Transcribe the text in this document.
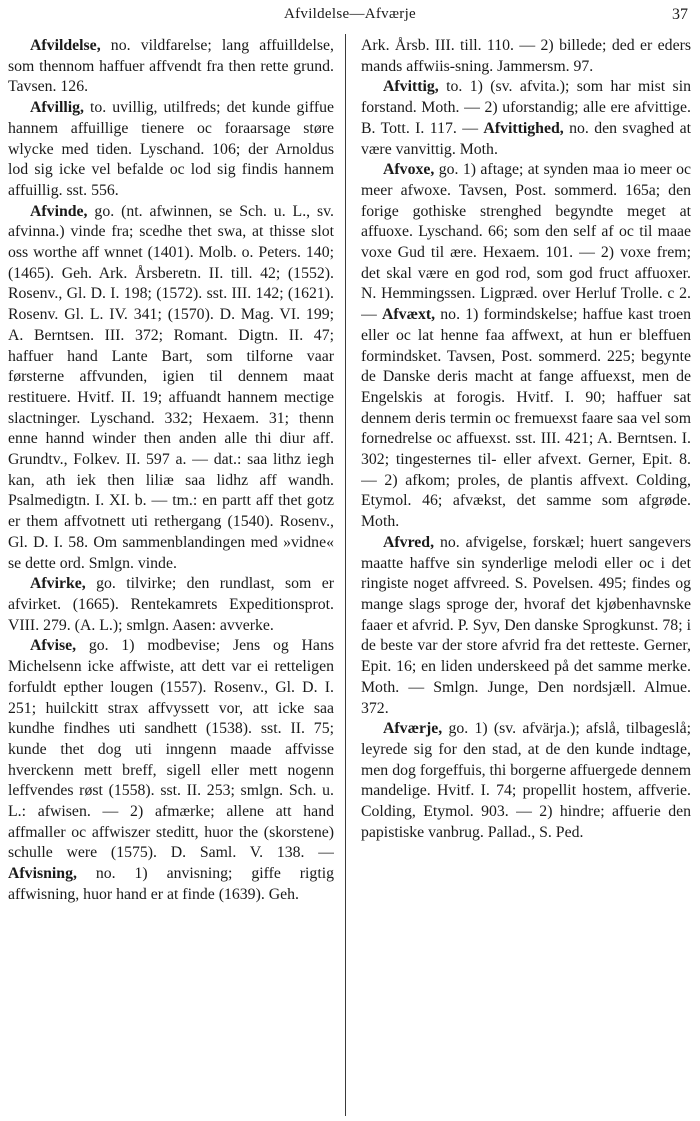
Afvildelse—Afværje	37

Afvildelse, no. vildfarelse; lang affuilldelse, som thennom haffuer affvendt fra then rette grund. Tavsen. 126.

Afvillig, to. uvillig, utilfreds; det kunde giffue hannem affuillige tienere oc foraarsage støre wlycke med tiden. Lyschand. 106; der Arnoldus lod sig icke vel befalde oc lod sig findis hannem affuillig. sst. 556.

Afvinde, go. (nt. afwinnen, se Sch. u. L., sv. afvinna.) vinde fra; scedhe thet swa, at thisse slot oss worthe aff wnnet (1401). Molb. o. Peters. 140; (1465). Geh. Ark. Årsberetn. II. till. 42; (1552). Rosenv., Gl. D. I. 198; (1572). sst. III. 142; (1621). Rosenv. Gl. L. IV. 341; (1570). D. Mag. VI. 199; A. Berntsen. III. 372; Romant. Digtn. II. 47; haffuer hand Lante Bart, som tilforne vaar førsterne affvunden, igien til dennem maat restituere. Hvitf. II. 19; affuandt hannem mectige slactninger. Lyschand. 332; Hexaem. 31; thenn enne hannd winder then anden alle thi diur aff. Grundtv., Folkev. II. 597 a. — dat.: saa lithz iegh kan, ath iek then liliæ saa lidhz aff wandh. Psalmedigtn. I. XI. b. — tm.: en partt aff thet gotz er them affvotnett uti rethergang (1540). Rosenv., Gl. D. I. 58. Om sammenblandingen med »vidne« se dette ord. Smlgn. vinde.

Afvirke, go. tilvirke; den rundlast, som er afvirket. (1665). Rentekamrets Expeditionsprot. VIII. 279. (A. L.); smlgn. Aasen: avverke.

Afvise, go. 1) modbevise; Jens og Hans Michelsenn icke affwiste, att dett var ei retteligen forfuldt epther lougen (1557). Rosenv., Gl. D. I. 251; huilckitt strax affvyssett vor, att icke saa kundhe findhes uti sandhett (1538). sst. II. 75; kunde thet dog uti inngenn maade affvisse hverckenn mett breff, sigell eller mett nogenn leffvendes røst (1558). sst. II. 253; smlgn. Sch. u. L.: afwisen. — 2) afmærke; allene att hand affmaller oc affwiszer steditt, huor the (skorstene) schulle were (1575). D. Saml. V. 138. — Afvisning, no. 1) anvisning; giffe rigtig affwisning, huor hand er at finde (1639). Geh.

Ark. Årsb. III. till. 110. — 2) billede; ded er eders mands affwiis-sning. Jammersm. 97.

Afvittig, to. 1) (sv. afvita.); som har mist sin forstand. Moth. — 2) uforstandig; alle ere afvittige. B. Tott. I. 117. — Afvittighed, no. den svaghed at være vanvittig. Moth.

Afvoxe, go. 1) aftage; at synden maa io meer oc meer afwoxe. Tavsen, Post. sommerd. 165a; den forige gothiske strenghed begyndte meget at affuoxe. Lyschand. 66; som den self af oc til maae voxe Gud til ære. Hexaem. 101. — 2) voxe frem; det skal være en god rod, som god fruct affuoxer. N. Hemmingssen. Ligpræd. over Herluf Trolle. c 2. — Afvæxt, no. 1) formindskelse; haffue kast troen eller oc lat henne faa affwext, at hun er bleffuen formindsket. Tavsen, Post. sommerd. 225; begynte de Danske deris macht at fange affuexst, men de Engelskis at forogis. Hvitf. I. 90; haffuer sat dennem deris termin oc fremuexst faare saa vel som fornedrelse oc affuexst. sst. III. 421; A. Berntsen. I. 302; tingesternes til- eller afvext. Gerner, Epit. 8. — 2) afkom; proles, de plantis affvext. Colding, Etymol. 46; afvækst, det samme som afgrøde. Moth.

Afvred, no. afvigelse, forskæl; huert sangevers maatte haffve sin synderlige melodi eller oc i det ringiste noget affvreed. S. Povelsen. 495; findes og mange slags sproge der, hvoraf det kjøbenhavnske faaer et afvrid. P. Syv, Den danske Sprogkunst. 78; i de beste var der store afvrid fra det retteste. Gerner, Epit. 16; en liden underskeed på det samme merke. Moth. — Smlgn. Junge, Den nordsjæll. Almue. 372.

Afværje, go. 1) (sv. afvärja.); afslå, tilbageslå; leyrede sig for den stad, at de den kunde indtage, men dog forgeffuis, thi borgerne affuergede dennem mandelige. Hvitf. I. 74; propellit hostem, affverie. Colding, Etymol. 903. — 2) hindre; affuerie den papistiske vanbrug. Pallad., S. Ped.
